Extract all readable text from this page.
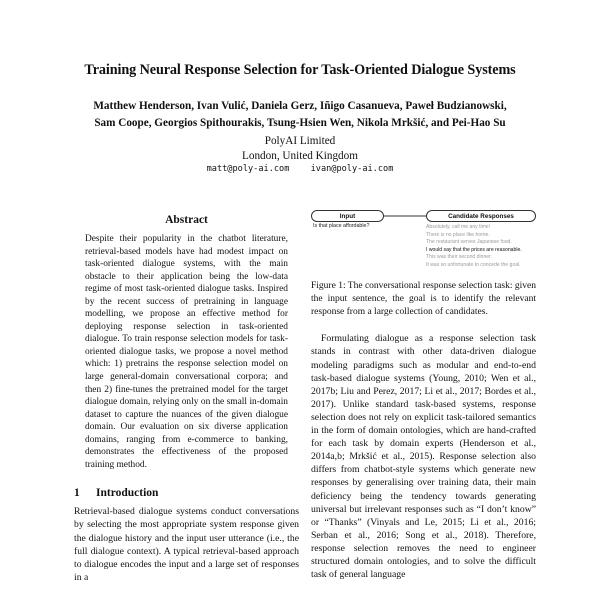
Training Neural Response Selection for Task-Oriented Dialogue Systems
Matthew Henderson, Ivan Vulić, Daniela Gerz, Iñigo Casanueva, Paweł Budzianowski,
Sam Coope, Georgios Spithourakis, Tsung-Hsien Wen, Nikola Mrkšić, and Pei-Hao Su
PolyAI Limited
London, United Kingdom
matt@poly-ai.com ivan@poly-ai.com
Abstract

Despite their popularity in the chatbot literature, retrieval-based models have had modest impact on task-oriented dialogue systems, with the main obstacle to their application being the low-data regime of most task-oriented dialogue tasks. Inspired by the recent success of pretraining in language modelling, we propose an effective method for deploying response selection in task-oriented dialogue. To train response selection models for task-oriented dialogue tasks, we propose a novel method which: 1) pretrains the response selection model on large general-domain conversational corpora; and then 2) fine-tunes the pretrained model for the target dialogue domain, relying only on the small in-domain dataset to capture the nuances of the given dialogue domain. Our evaluation on six diverse application domains, ranging from e-commerce to banking, demonstrates the effectiveness of the proposed training method.

1 Introduction

Retrieval-based dialogue systems conduct conversations by selecting the most appropriate system response given the dialogue history and the input user utterance (i.e., the full dialogue context). A typical retrieval-based approach to dialogue encodes the input and a large set of responses in a

Input	Candidate Responses
Is that place affordable?	Absolutely, call me any time!
There is no place like home.
The restaurant serves Japanese food.
I would say that the prices are reasonable.
This was their second dinner.
It was so unfortunate to concede the goal.

Figure 1: The conversational response selection task: given the input sentence, the goal is to identify the relevant response from a large collection of candidates.

Formulating dialogue as a response selection task stands in contrast with other data-driven dialogue modeling paradigms such as modular and end-to-end task-based dialogue systems (Young, 2010; Wen et al., 2017b; Liu and Perez, 2017; Li et al., 2017; Bordes et al., 2017). Unlike standard task-based systems, response selection does not rely on explicit task-tailored semantics in the form of domain ontologies, which are hand-crafted for each task by domain experts (Henderson et al., 2014a,b; Mrkšić et al., 2015). Response selection also differs from chatbot-style systems which generate new responses by generalising over training data, their main deficiency being the tendency towards generating universal but irrelevant responses such as “I don’t know” or “Thanks” (Vinyals and Le, 2015; Li et al., 2016; Serban et al., 2016; Song et al., 2018). Therefore, response selection removes the need to engineer structured domain ontologies, and to solve the difficult task of general language
